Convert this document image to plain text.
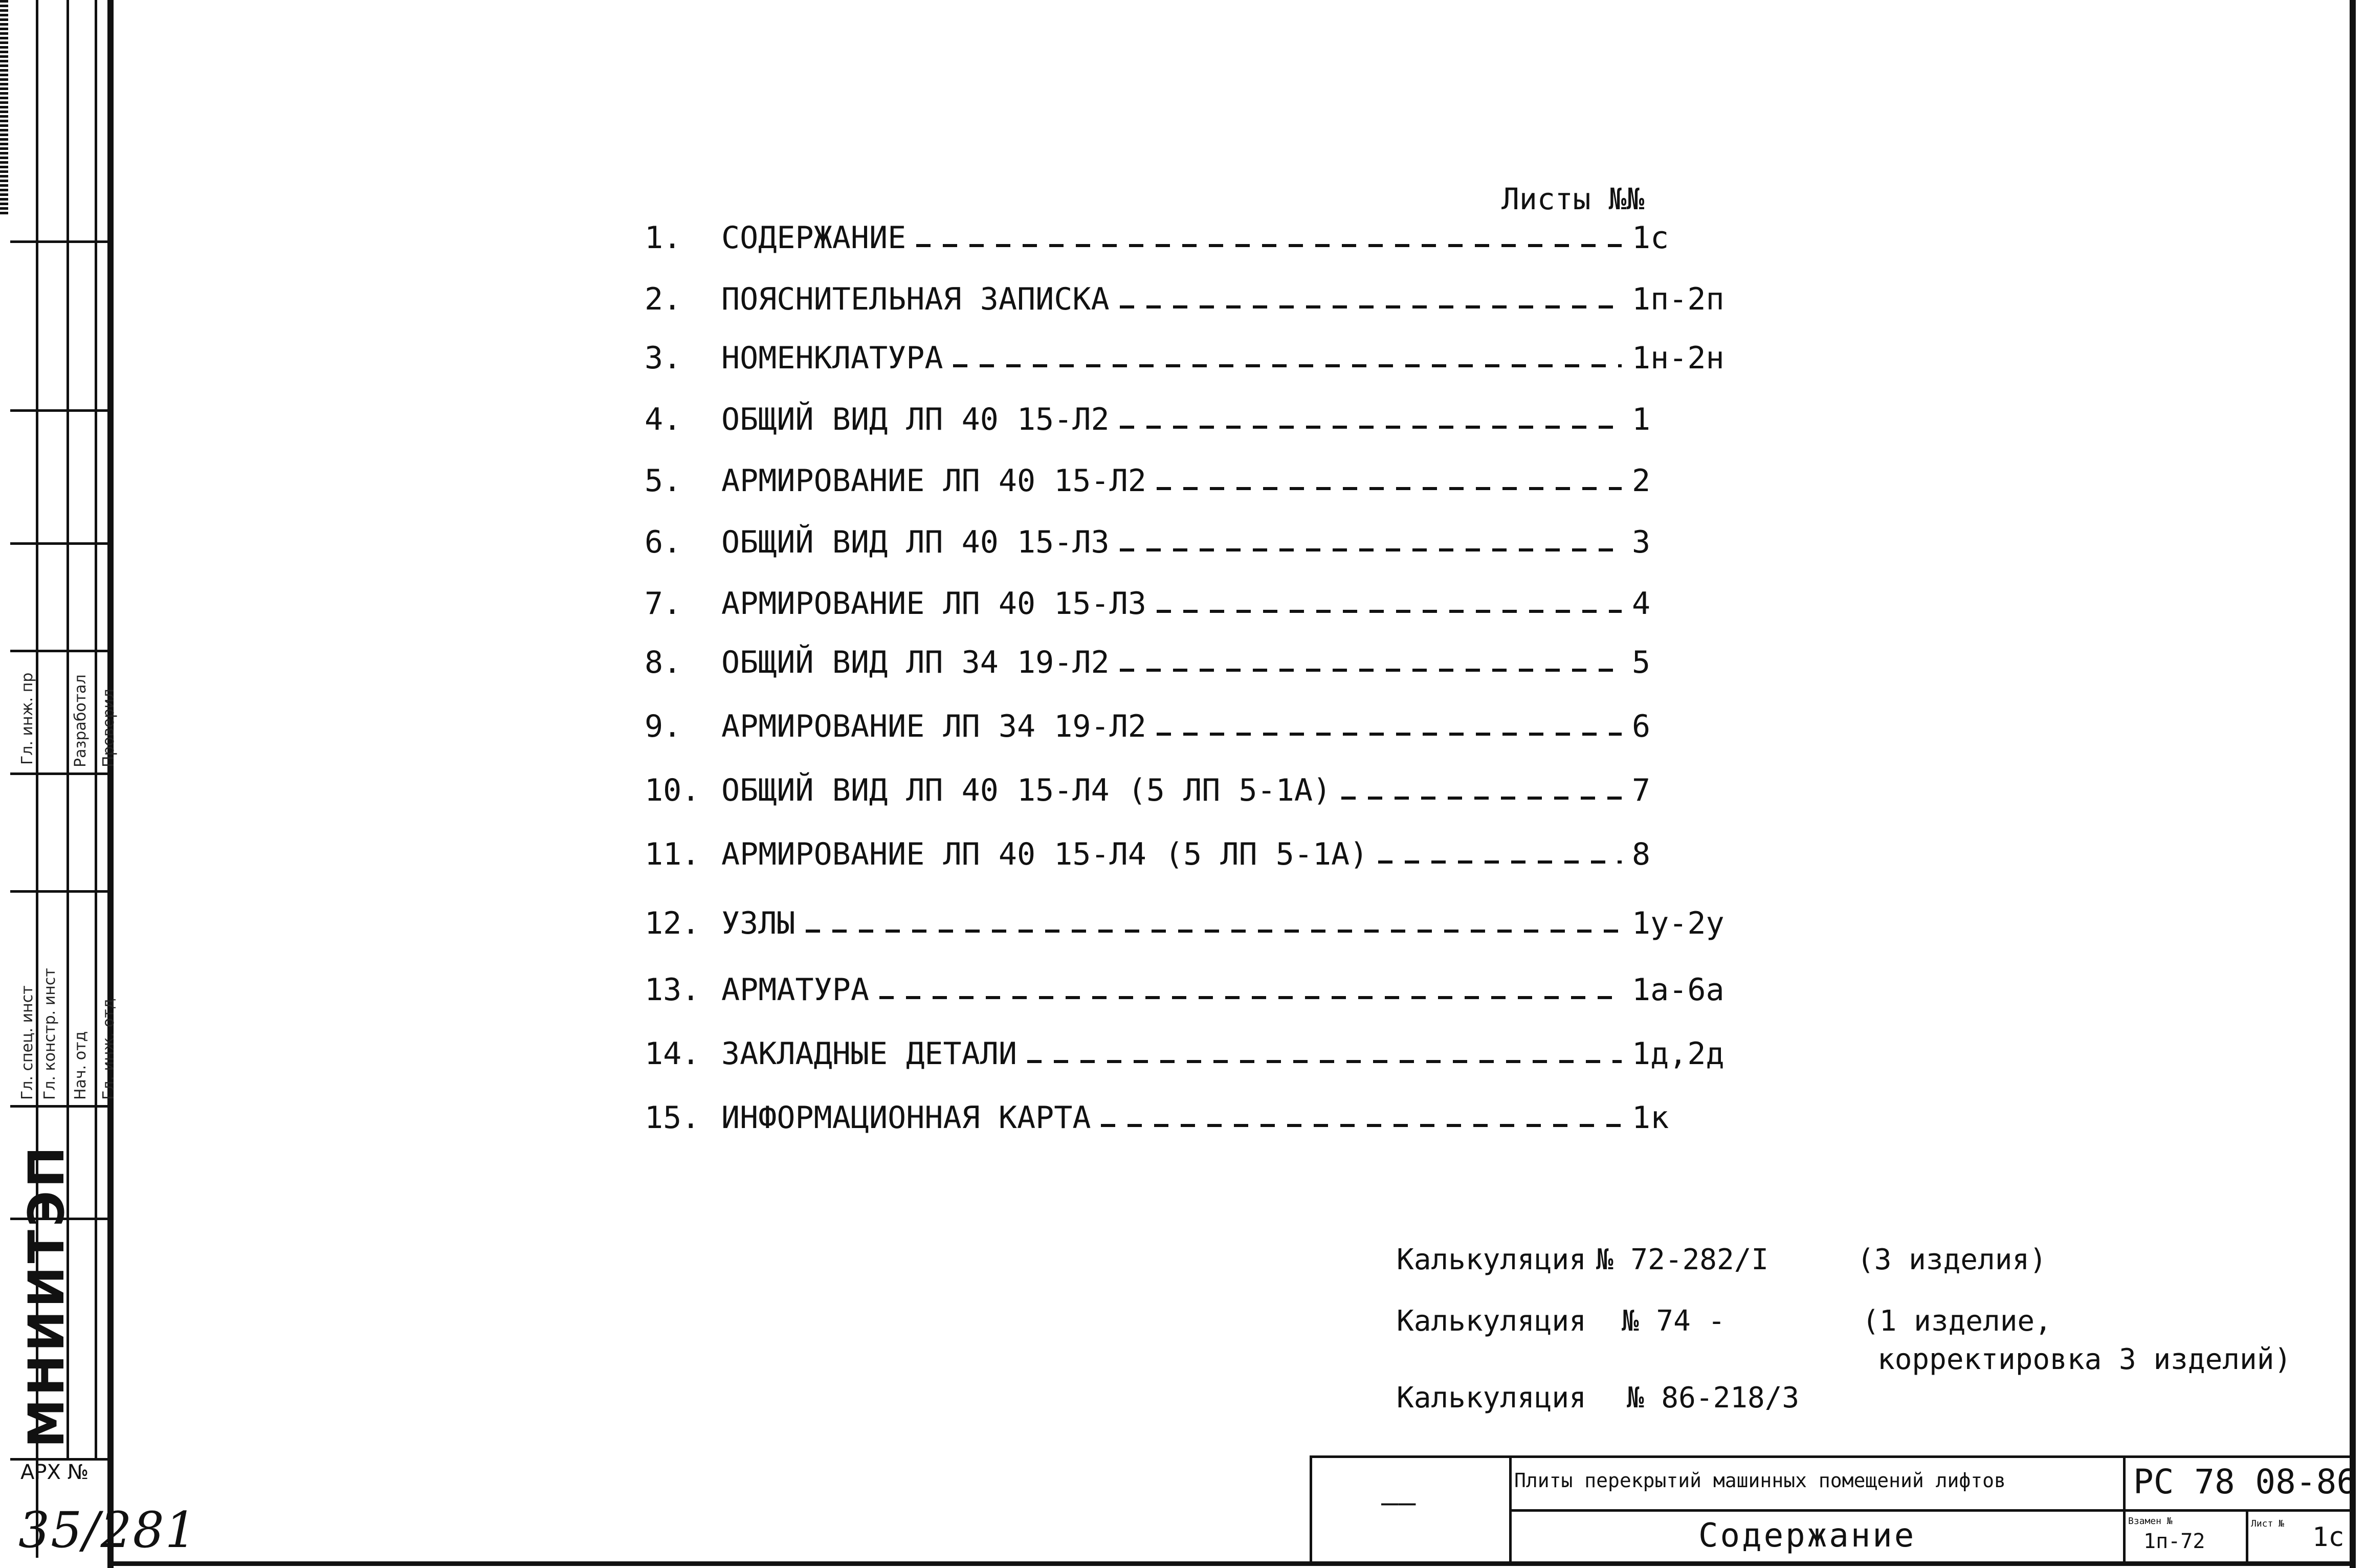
Гл. инж. пр Разработал Проверил
Гл. спец. инст Гл. констр. инст Нач. отд Гл. инж. отд
МНИИТЭП
АРХ №
35/281
Листы №№
1.	СОДЕРЖАНИЕ	1с
2.	ПОЯСНИТЕЛЬНАЯ ЗАПИСКА	1п-2п
3.	НОМЕНКЛАТУРА	1н-2н
4.	ОБЩИЙ ВИД ЛП 40 15-Л2	1
5.	АРМИРОВАНИЕ ЛП 40 15-Л2	2
6.	ОБЩИЙ ВИД ЛП 40 15-Л3	3
7.	АРМИРОВАНИЕ ЛП 40 15-Л3	4
8.	ОБЩИЙ ВИД ЛП 34 19-Л2	5
9.	АРМИРОВАНИЕ ЛП 34 19-Л2	6
10. ОБЩИЙ ВИД ЛП 40 15-Л4 (5 ЛП 5-1А)	7
11. АРМИРОВАНИЕ ЛП 40 15-Л4 (5 ЛП 5-1А)	8
12. УЗЛЫ	1у-2у
13. АРМАТУРА	1а-6а
14. ЗАКЛАДНЫЕ ДЕТАЛИ	1д,2д
15. ИНФОРМАЦИОННАЯ КАРТА	1к
Калькуляция № 72-282/I	(3 изделия)
Калькуляция № 74 -	(1 изделие,
корректировка 3 изделий)
Калькуляция № 86-218/3
——
Плиты перекрытий машинных помещений лифтов	РС 78 08-86
Содержание	Взамен №
1п-72
Лист № 1с
